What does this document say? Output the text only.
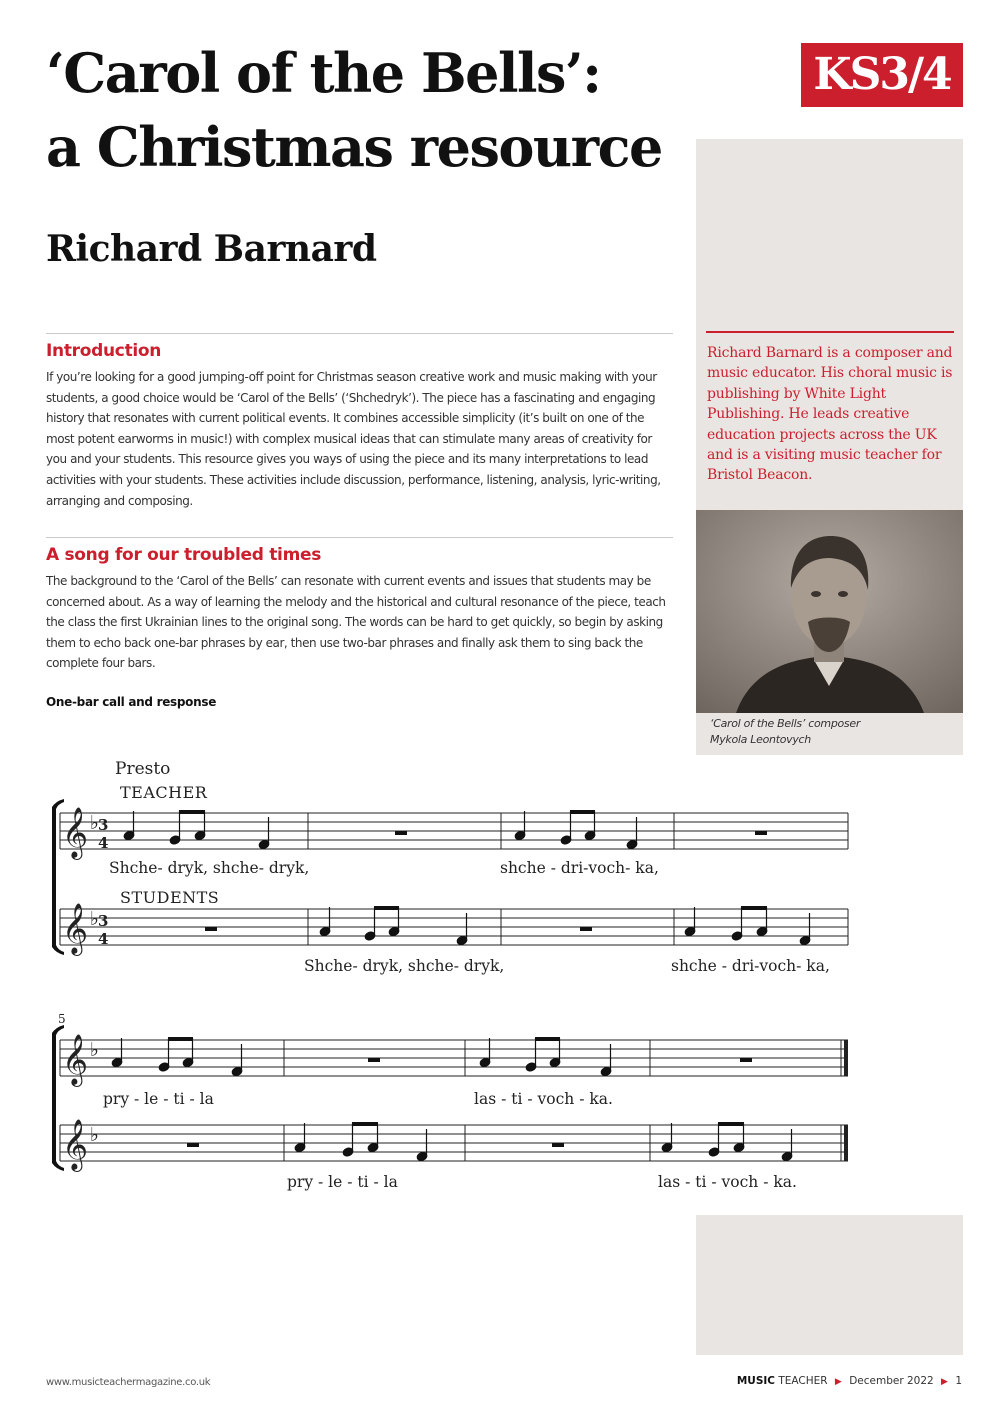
‘Carol of the Bells’:
a Christmas resource
Richard Barnard
KS3/4
Richard Barnard is a composer and music educator. His choral music is publishing by White Light Publishing. He leads creative education projects across the UK and is a visiting music teacher for Bristol Beacon.
‘Carol of the Bells’ composer
Mykola Leontovych
Introduction
If you’re looking for a good jumping-off point for Christmas season creative work and music making with your students, a good choice would be ‘Carol of the Bells’ (‘Shchedryk’). The piece has a fascinating and engaging history that resonates with current political events. It combines accessible simplicity (it’s built on one of the most potent earworms in music!) with complex musical ideas that can stimulate many areas of creativity for you and your students. This resource gives you ways of using the piece and its many interpretations to lead activities with your students. These activities include discussion, performance, listening, analysis, lyric-writing, arranging and composing.
A song for our troubled times
The background to the ‘Carol of the Bells’ can resonate with current events and issues that students may be concerned about. As a way of learning the melody and the historical and cultural resonance of the piece, teach the class the first Ukrainian lines to the original song. The words can be hard to get quickly, so begin by asking them to echo back one-bar phrases by ear, then use two-bar phrases and finally ask them to sing back the complete four bars.
One-bar call and response
Presto
TEACHER
STUDENTS
𝄞 ♭ 3
4
𝄞 ♭ 3
4
Shche- dryk, shche- dryk,	shche - dri-voch- ka,
Shche- dryk, shche- dryk,	shche - dri-voch- ka,
5
𝄞 ♭
𝄞 ♭
pry - le - ti - la	las - ti - voch - ka.
pry - le - ti - la	las - ti - voch - ka.
www.musicteachermagazine.co.uk	MUSIC TEACHER ▶ December 2022 ▶ 1
